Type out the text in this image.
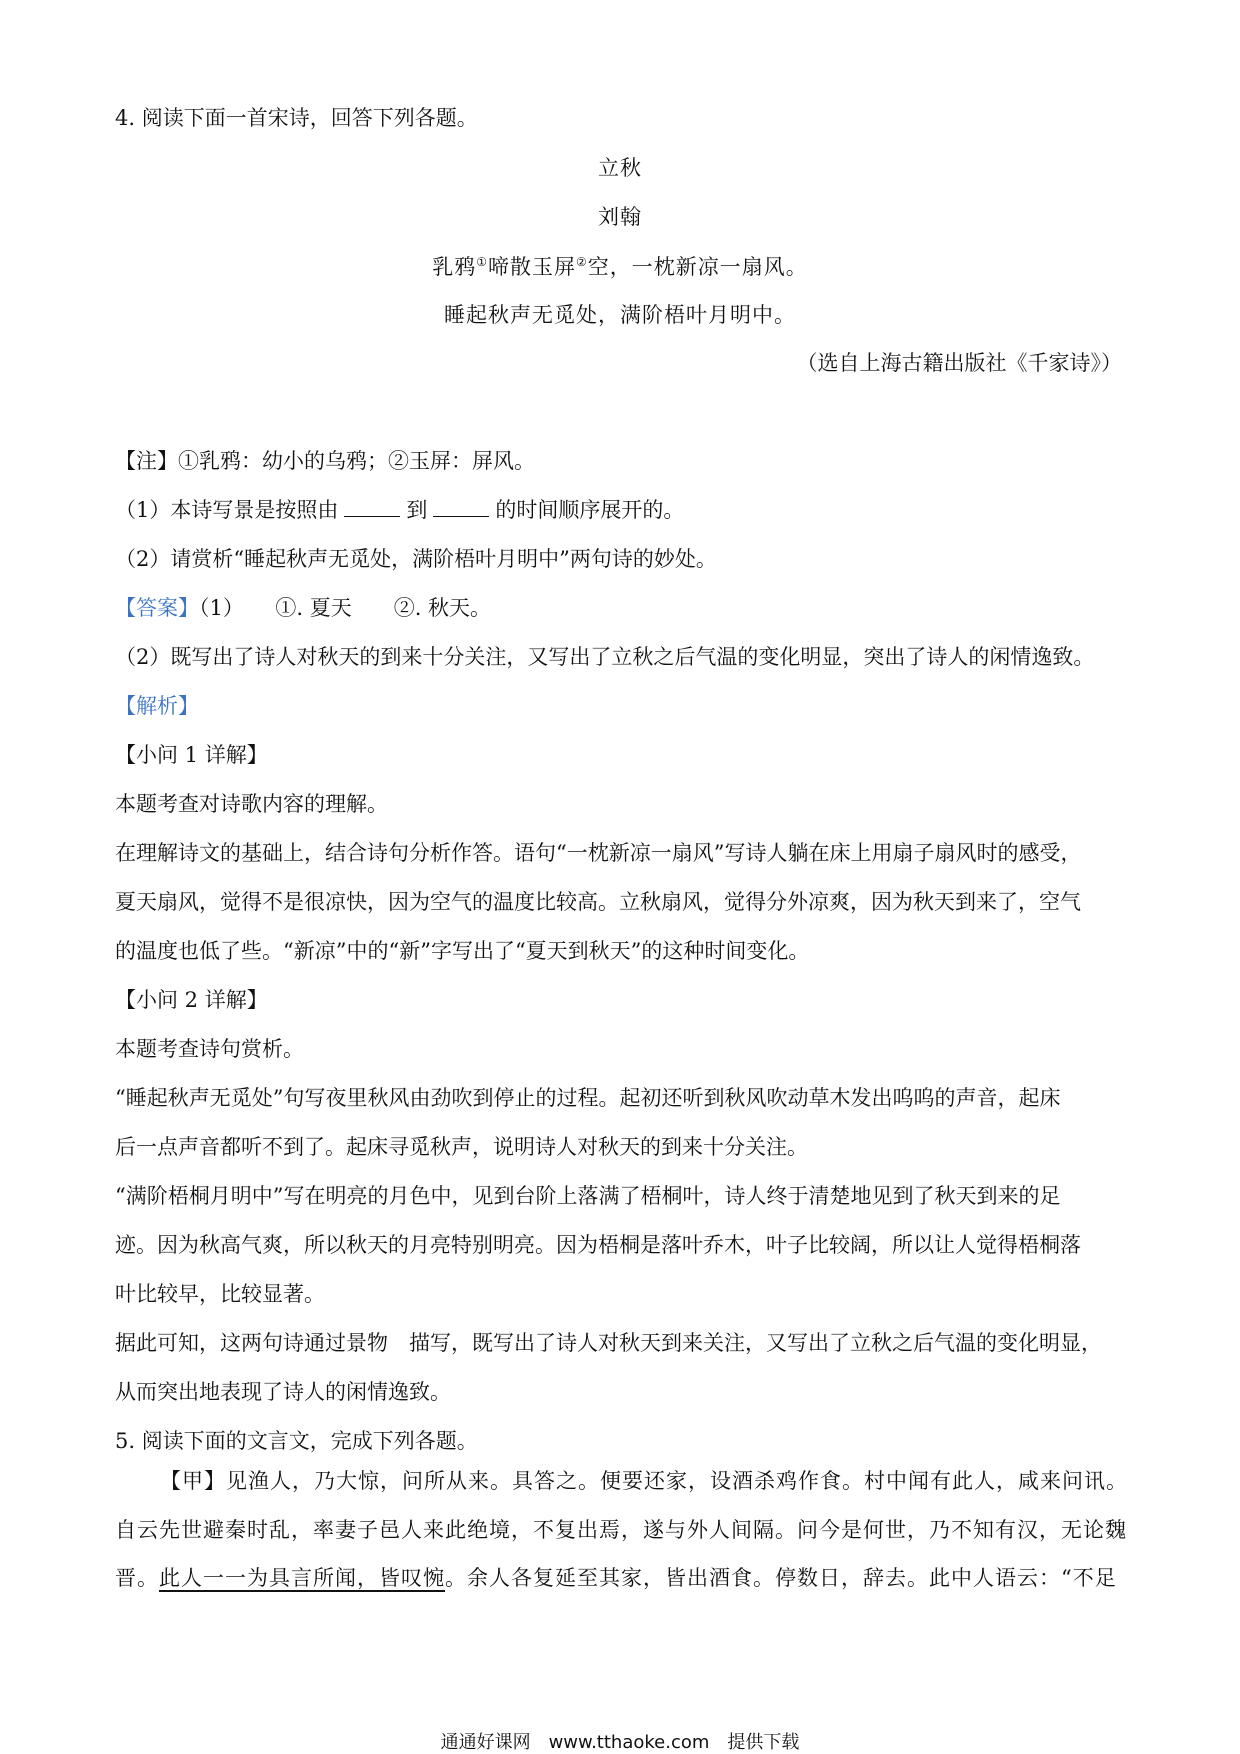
4. 阅读下面一首宋诗，回答下列各题。
立秋
刘翰
乳鸦①啼散玉屏②空，一枕新凉一扇风。
睡起秋声无觅处，满阶梧叶月明中。
（选自上海古籍出版社《千家诗》）
【注】①乳鸦：幼小的乌鸦；②玉屏：屏风。
（1）本诗写景是按照由	到	的时间顺序展开的。
（2）请赏析“睡起秋声无觅处，满阶梧叶月明中”两句诗的妙处。
【答案】（1）　　①. 夏天　　②. 秋天。
（2）既写出了诗人对秋天的到来十分关注，又写出了立秋之后气温的变化明显，突出了诗人的闲情逸致。
【解析】
【小问 1 详解】
本题考查对诗歌内容的理解。
在理解诗文的基础上，结合诗句分析作答。语句“一枕新凉一扇风”写诗人躺在床上用扇子扇风时的感受，
夏天扇风，觉得不是很凉快，因为空气的温度比较高。立秋扇风，觉得分外凉爽，因为秋天到来了，空气
的温度也低了些。“新凉”中的“新”字写出了“夏天到秋天”的这种时间变化。
【小问 2 详解】
本题考查诗句赏析。
“睡起秋声无觅处”句写夜里秋风由劲吹到停止的过程。起初还听到秋风吹动草木发出呜呜的声音，起床
后一点声音都听不到了。起床寻觅秋声，说明诗人对秋天的到来十分关注。
“满阶梧桐月明中”写在明亮的月色中，见到台阶上落满了梧桐叶，诗人终于清楚地见到了秋天到来的足
迹。因为秋高气爽，所以秋天的月亮特别明亮。因为梧桐是落叶乔木，叶子比较阔，所以让人觉得梧桐落
叶比较早，比较显著。
据此可知，这两句诗通过景物　描写，既写出了诗人对秋天到来关注，又写出了立秋之后气温的变化明显，
从而突出地表现了诗人的闲情逸致。
5. 阅读下面的文言文，完成下列各题。
【甲】见渔人，乃大惊，问所从来。具答之。便要还家，设酒杀鸡作食。村中闻有此人，咸来问讯。
自云先世避秦时乱，率妻子邑人来此绝境，不复出焉，遂与外人间隔。问今是何世，乃不知有汉，无论魏
晋。此人一一为具言所闻，皆叹惋。余人各复延至其家，皆出酒食。停数日，辞去。此中人语云：“不足
通通好课网　www.tthaoke.com　提供下载
